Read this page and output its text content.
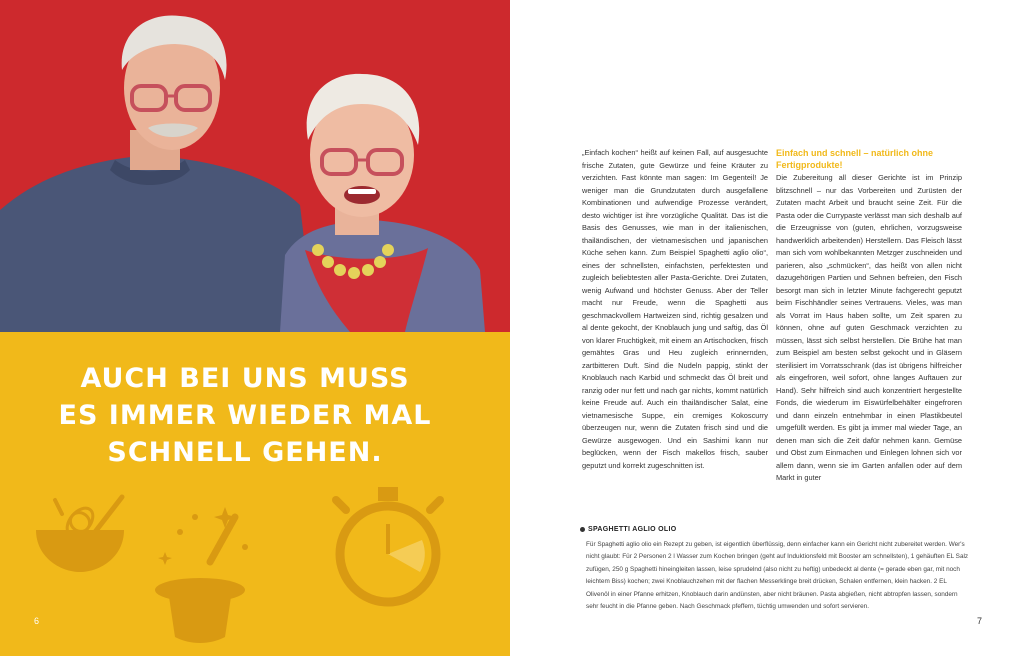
AUCH BEI UNS MUSS
ES IMMER WIEDER MAL
SCHNELL GEHEN.
6

„Einfach kochen“ heißt auf keinen Fall, auf ausgesuchte frische Zutaten, gute Gewürze und feine Kräuter zu verzichten. Fast könnte man sagen: Im Gegenteil! Je weniger man die Grundzutaten durch ausgefallene Kombinationen und aufwendige Prozesse verändert, desto wichtiger ist ihre vorzügliche Qualität. Das ist die Basis des Genusses, wie man in der italienischen, thailändischen, der vietnamesischen und japanischen Küche sehen kann. Zum Beispiel Spaghetti aglio olio“, eines der schnellsten, einfachsten, perfektesten und zugleich beliebtesten aller Pasta-Gerichte. Drei Zutaten, wenig Aufwand und höchster Genuss. Aber der Teller macht nur Freude, wenn die Spaghetti aus geschmackvollem Hartweizen sind, richtig gesalzen und al dente gekocht, der Knoblauch jung und saftig, das Öl von klarer Fruchtigkeit, mit einem an Artischocken, frisch gemähtes Gras und Heu zugleich erinnernden, zartbitteren Duft. Sind die Nudeln pappig, stinkt der Knoblauch nach Karbid und schmeckt das Öl breit und ranzig oder nur fett und nach gar nichts, kommt natürlich keine Freude auf. Auch ein thailändischer Salat, eine vietnamesische Suppe, ein cremiges Kokoscurry überzeugen nur, wenn die Zutaten frisch sind und die Gewürze ausgewogen. Und ein Sashimi kann nur beglücken, wenn der Fisch makellos frisch, sauber geputzt und korrekt zugeschnitten ist.

Einfach und schnell – natürlich ohne Fertigprodukte!

Die Zubereitung all dieser Gerichte ist im Prinzip blitzschnell – nur das Vorbereiten und Zurüsten der Zutaten macht Arbeit und braucht seine Zeit. Für die Pasta oder die Currypaste verlässt man sich deshalb auf die Erzeugnisse von (guten, ehrlichen, vorzugsweise handwerklich arbeitenden) Herstellern. Das Fleisch lässt man sich vom wohlbekannten Metzger zuschneiden und parieren, also „schmücken“, das heißt von allen nicht dazugehörigen Partien und Sehnen befreien, den Fisch besorgt man sich in letzter Minute fachgerecht geputzt beim Fischhändler seines Vertrauens. Vieles, was man als Vorrat im Haus haben sollte, um Zeit sparen zu können, ohne auf guten Geschmack verzichten zu müssen, lässt sich selbst herstellen. Die Brühe hat man zum Beispiel am besten selbst gekocht und in Gläsern sterilisiert im Vorratsschrank (das ist übrigens hilfreicher als eingefroren, weil sofort, ohne langes Auftauen zur Hand). Sehr hilfreich sind auch konzentriert hergestellte Fonds, die wiederum im Eiswürfelbehälter eingefroren und dann einzeln entnehmbar in einen Plastikbeutel umgefüllt werden. Es gibt ja immer mal wieder Tage, an denen man sich die Zeit dafür nehmen kann. Gemüse und Obst zum Einmachen und Einlegen lohnen sich vor allem dann, wenn sie im Garten anfallen oder auf dem Markt in guter

SPAGHETTI AGLIO OLIO

Für Spaghetti aglio olio ein Rezept zu geben, ist eigentlich überflüssig, denn einfacher kann ein Gericht nicht zubereitet werden. Wer's nicht glaubt: Für 2 Personen 2 l Wasser zum Kochen bringen (geht auf Induktionsfeld mit Booster am schnellsten), 1 gehäuften EL Salz zufügen, 250 g Spaghetti hineingleiten lassen, leise sprudelnd (also nicht zu heftig) unbedeckt al dente (= gerade eben gar, mit noch leichtem Biss) kochen; zwei Knoblauchzehen mit der flachen Messerklinge breit drücken, Schalen entfernen, klein hacken. 2 EL Olivenöl in einer Pfanne erhitzen, Knoblauch darin andünsten, aber nicht bräunen. Pasta abgießen, nicht abtropfen lassen, sondern sehr feucht in die Pfanne geben. Nach Geschmack pfeffern, tüchtig umwenden und sofort servieren.

7
